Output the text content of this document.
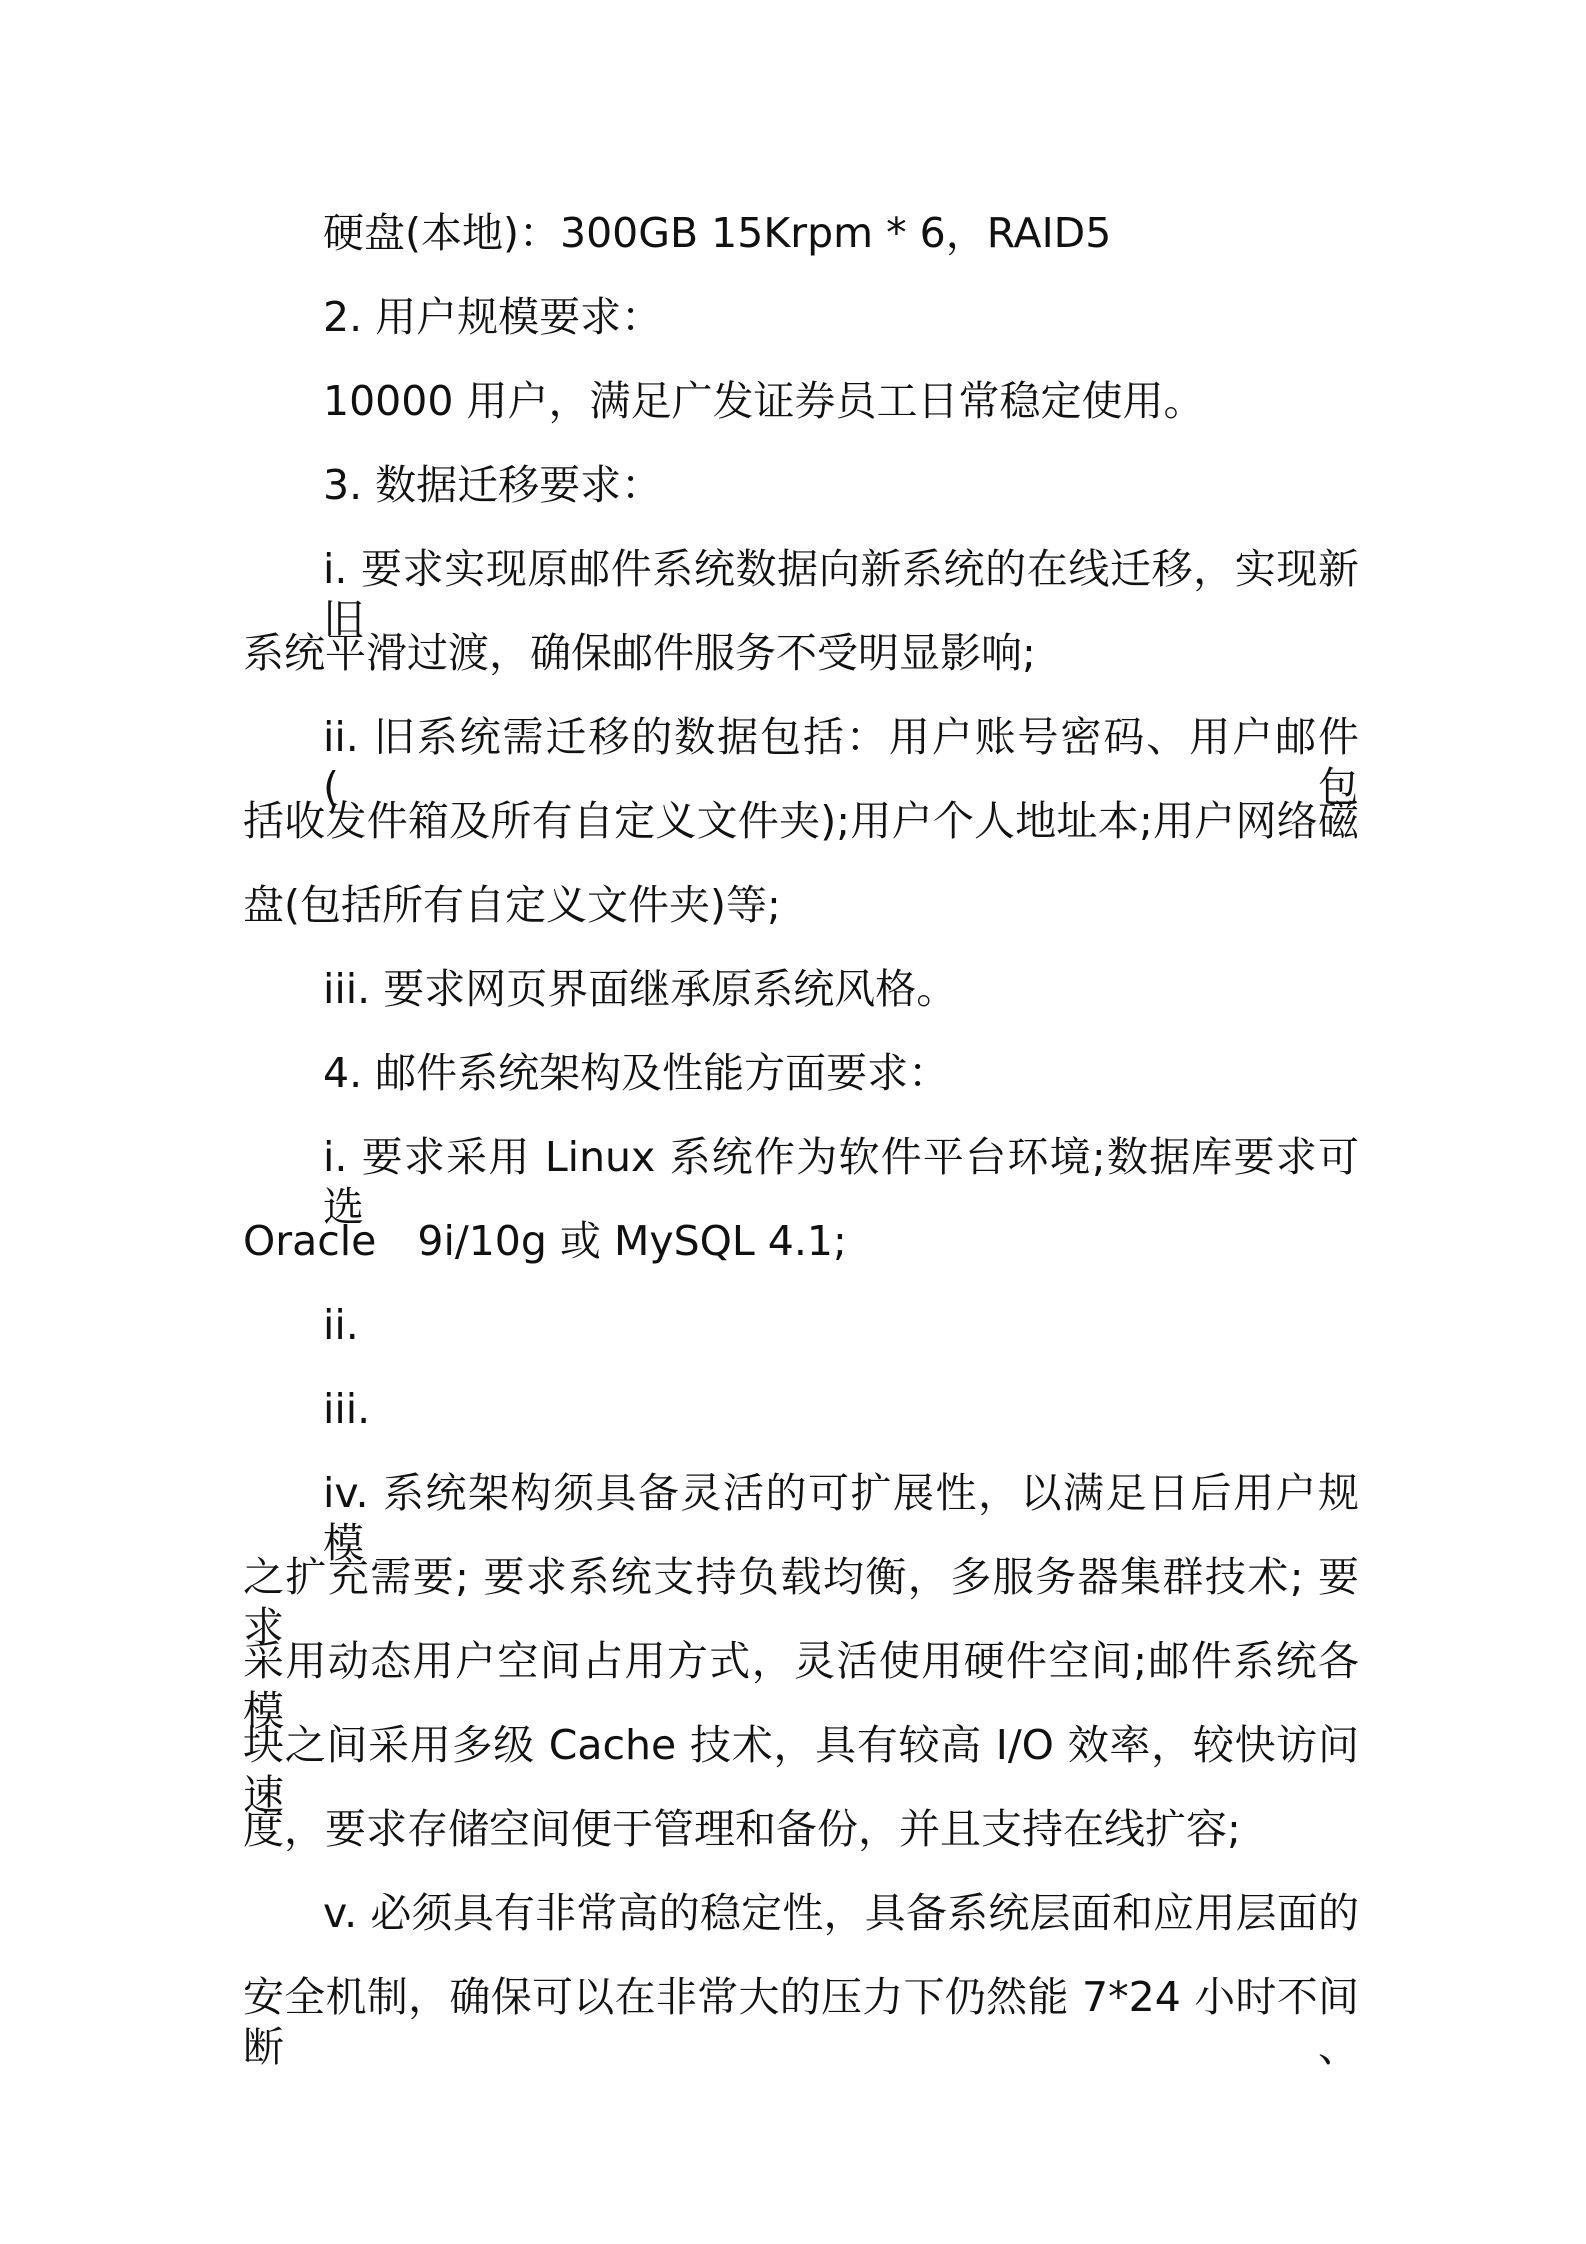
硬盘(本地)：300GB 15Krpm * 6，RAID5
2. 用户规模要求：
10000 用户，满足广发证券员工日常稳定使用。
3. 数据迁移要求：
i. 要求实现原邮件系统数据向新系统的在线迁移，实现新旧
系统平滑过渡，确保邮件服务不受明显影响;
ii. 旧系统需迁移的数据包括：用户账号密码、用户邮件(包
括收发件箱及所有自定义文件夹);用户个人地址本;用户网络磁
盘(包括所有自定义文件夹)等;
iii. 要求网页界面继承原系统风格。
4. 邮件系统架构及性能方面要求：
i. 要求采用 Linux 系统作为软件平台环境;数据库要求可选
Oracle　9i/10g 或 MySQL 4.1;
ii.
iii.
iv. 系统架构须具备灵活的可扩展性，以满足日后用户规模
之扩充需要; 要求系统支持负载均衡，多服务器集群技术; 要求
采用动态用户空间占用方式，灵活使用硬件空间;邮件系统各模
块之间采用多级 Cache 技术，具有较高 I/O 效率，较快访问速
度，要求存储空间便于管理和备份，并且支持在线扩容;
v. 必须具有非常高的稳定性，具备系统层面和应用层面的
安全机制，确保可以在非常大的压力下仍然能 7*24 小时不间断、
